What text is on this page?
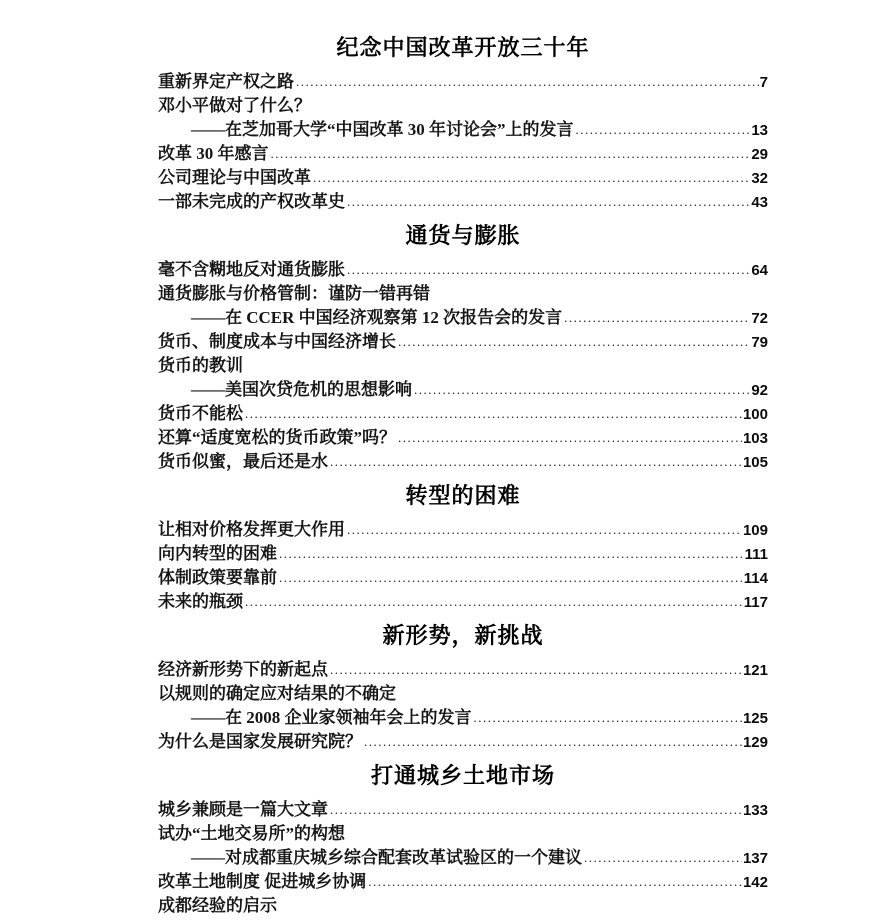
纪念中国改革开放三十年
重新界定产权之路 .....	7
邓小平做对了什么？
——在芝加哥大学“中国改革 30 年讨论会”上的发言 .....	13
改革 30 年感言 .....	29
公司理论与中国改革 .....	32
一部未完成的产权改革史 .....	43
通货与膨胀
毫不含糊地反对通货膨胀 .....	64
通货膨胀与价格管制：谨防一错再错
——在 CCER 中国经济观察第 12 次报告会的发言 .....	72
货币、制度成本与中国经济增长 .....	79
货币的教训
——美国次贷危机的思想影响 .....	92
货币不能松 .....	100
还算“适度宽松的货币政策”吗？ .....	103
货币似蜜，最后还是水 .....	105
转型的困难
让相对价格发挥更大作用 .....	109
向内转型的困难 .....	111
体制政策要靠前 .....	114
未来的瓶颈 .....	117
新形势，新挑战
经济新形势下的新起点 .....	121
以规则的确定应对结果的不确定
——在 2008 企业家领袖年会上的发言 .....	125
为什么是国家发展研究院？ .....	129
打通城乡土地市场
城乡兼顾是一篇大文章 .....	133
试办“土地交易所”的构想
——对成都重庆城乡综合配套改革试验区的一个建议 .....	137
改革土地制度 促进城乡协调 .....	142
成都经验的启示
